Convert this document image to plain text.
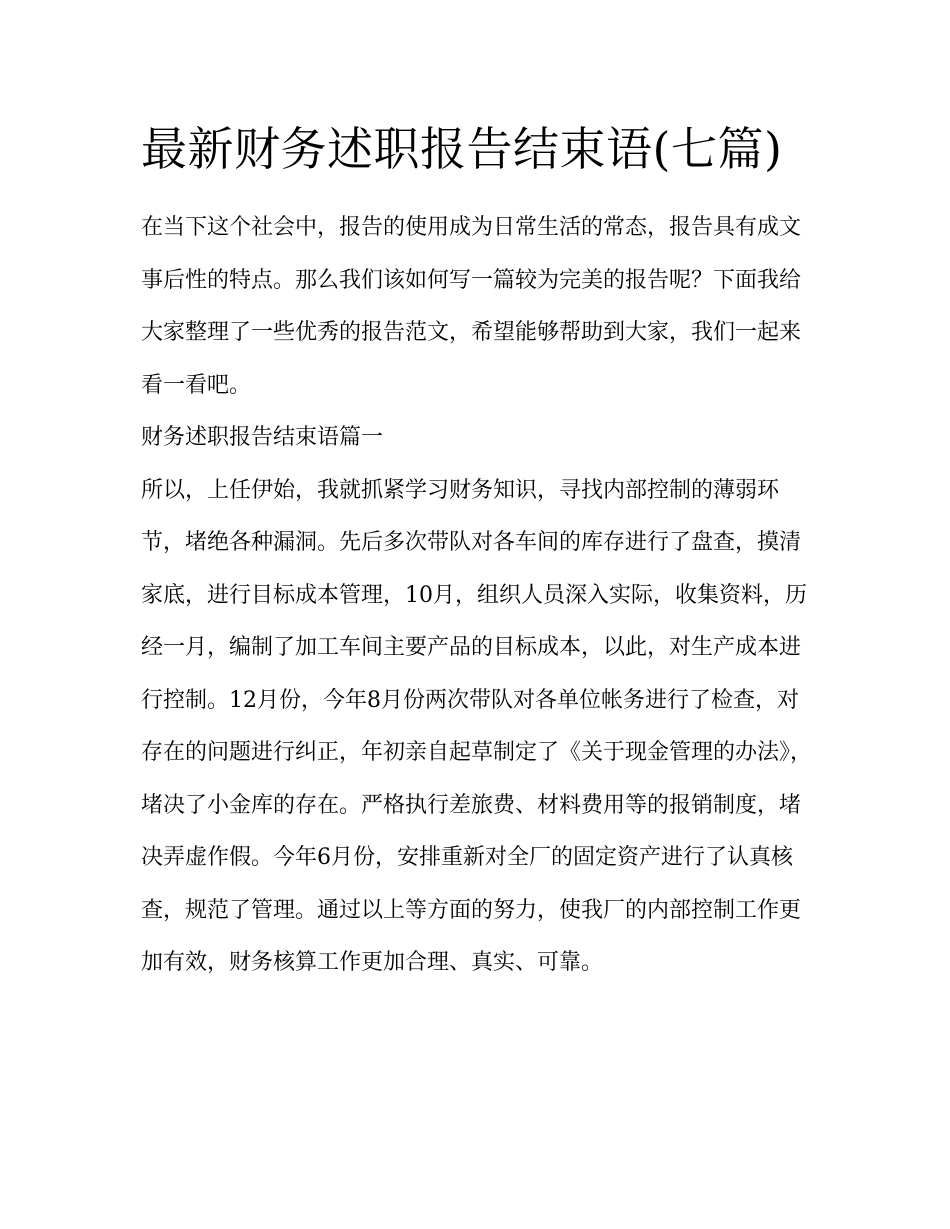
最新财务述职报告结束语(七篇)

在当下这个社会中，报告的使用成为日常生活的常态，报告具有成文事后性的特点。那么我们该如何写一篇较为完美的报告呢？下面我给大家整理了一些优秀的报告范文，希望能够帮助到大家，我们一起来看一看吧。

财务述职报告结束语篇一

所以，上任伊始，我就抓紧学习财务知识，寻找内部控制的薄弱环节，堵绝各种漏洞。先后多次带队对各车间的库存进行了盘查，摸清家底，进行目标成本管理，10月，组织人员深入实际，收集资料，历经一月，编制了加工车间主要产品的目标成本，以此，对生产成本进行控制。12月份，今年8月份两次带队对各单位帐务进行了检查，对存在的问题进行纠正，年初亲自起草制定了《关于现金管理的办法》，堵决了小金库的存在。严格执行差旅费、材料费用等的报销制度，堵决弄虚作假。今年6月份，安排重新对全厂的固定资产进行了认真核查，规范了管理。通过以上等方面的努力，使我厂的内部控制工作更加有效，财务核算工作更加合理、真实、可靠。
